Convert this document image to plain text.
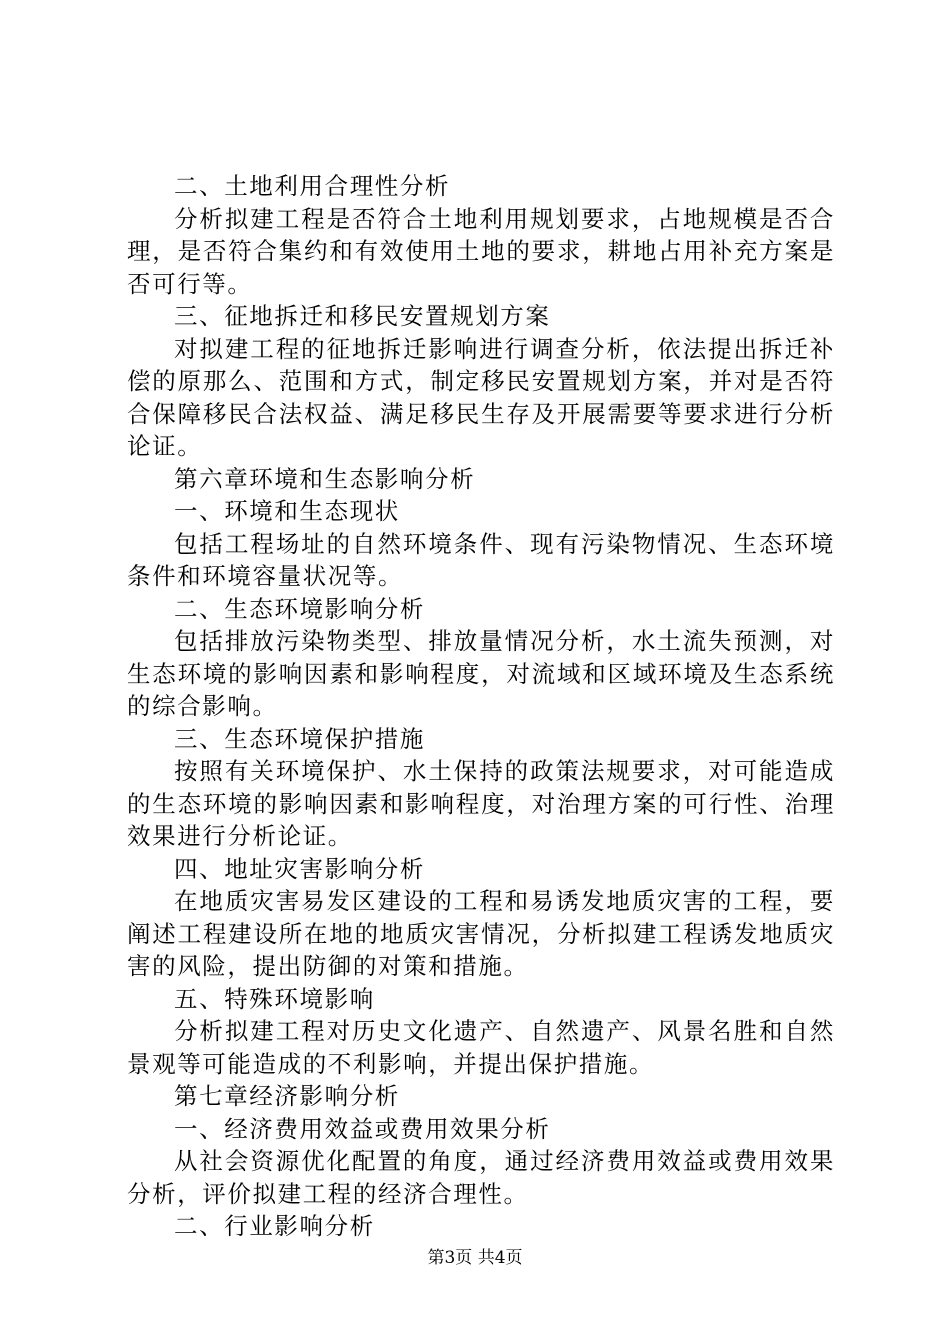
二、土地利用合理性分析

分析拟建工程是否符合土地利用规划要求，占地规模是否合理，是否符合集约和有效使用土地的要求，耕地占用补充方案是否可行等。

三、征地拆迁和移民安置规划方案

对拟建工程的征地拆迁影响进行调查分析，依法提出拆迁补偿的原那么、范围和方式，制定移民安置规划方案，并对是否符合保障移民合法权益、满足移民生存及开展需要等要求进行分析论证。

第六章环境和生态影响分析

一、环境和生态现状

包括工程场址的自然环境条件、现有污染物情况、生态环境条件和环境容量状况等。

二、生态环境影响分析

包括排放污染物类型、排放量情况分析，水土流失预测，对生态环境的影响因素和影响程度，对流域和区域环境及生态系统的综合影响。

三、生态环境保护措施

按照有关环境保护、水土保持的政策法规要求，对可能造成的生态环境的影响因素和影响程度，对治理方案的可行性、治理效果进行分析论证。

四、地址灾害影响分析

在地质灾害易发区建设的工程和易诱发地质灾害的工程，要阐述工程建设所在地的地质灾害情况，分析拟建工程诱发地质灾害的风险，提出防御的对策和措施。

五、特殊环境影响

分析拟建工程对历史文化遗产、自然遗产、风景名胜和自然景观等可能造成的不利影响，并提出保护措施。

第七章经济影响分析

一、经济费用效益或费用效果分析

从社会资源优化配置的角度，通过经济费用效益或费用效果分析，评价拟建工程的经济合理性。

二、行业影响分析

第3页 共4页
